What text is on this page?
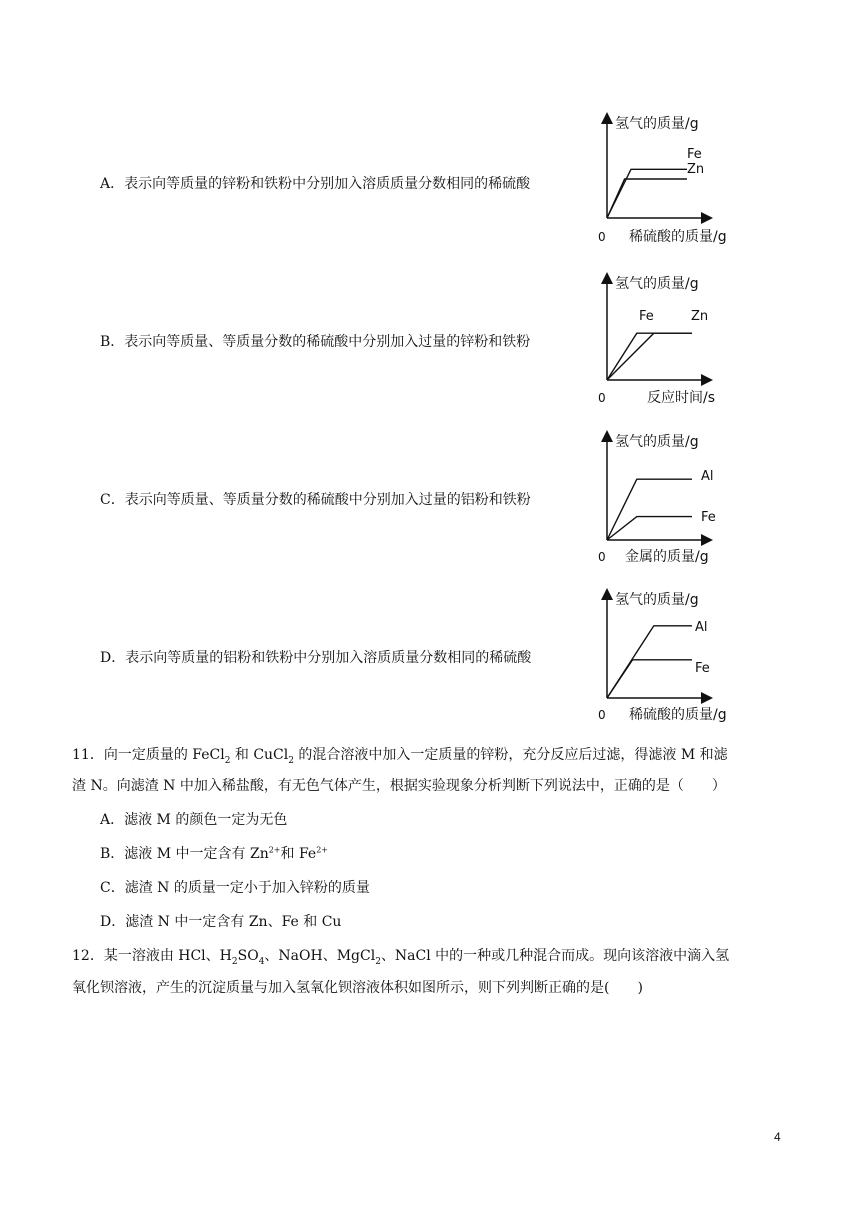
A．表示向等质量的锌粉和铁粉中分别加入溶质质量分数相同的稀硫酸
B．表示向等质量、等质量分数的稀硫酸中分别加入过量的锌粉和铁粉
C．表示向等质量、等质量分数的稀硫酸中分别加入过量的铝粉和铁粉
D．表示向等质量的铝粉和铁粉中分别加入溶质质量分数相同的稀硫酸
氢气的质量/g
稀硫酸的质量/g
0
Fe
Zn
氢气的质量/g
反应时间/s
0
Fe	Zn
氢气的质量/g
金属的质量/g
0
Al
Fe
氢气的质量/g
稀硫酸的质量/g
0
Al
Fe
11．向一定质量的 FeCl$_2$ 和 CuCl$_2$ 的混合溶液中加入一定质量的锌粉，充分反应后过滤，得滤液 M 和滤
渣 N。向滤渣 N 中加入稀盐酸，有无色气体产生，根据实验现象分析判断下列说法中，正确的是（　　）
A．滤液 M 的颜色一定为无色
B．滤液 M 中一定含有 $Zn^{2+}$和 $Fe^{2+}$
C．滤渣 N 的质量一定小于加入锌粉的质量
D．滤渣 N 中一定含有 Zn、Fe 和 Cu
12．某一溶液由 HCl、$H_2SO_4$、NaOH、MgCl$_2$、NaCl 中的一种或几种混合而成。现向该溶液中滴入氢
氧化钡溶液，产生的沉淀质量与加入氢氧化钡溶液体积如图所示，则下列判断正确的是(　　)
4
